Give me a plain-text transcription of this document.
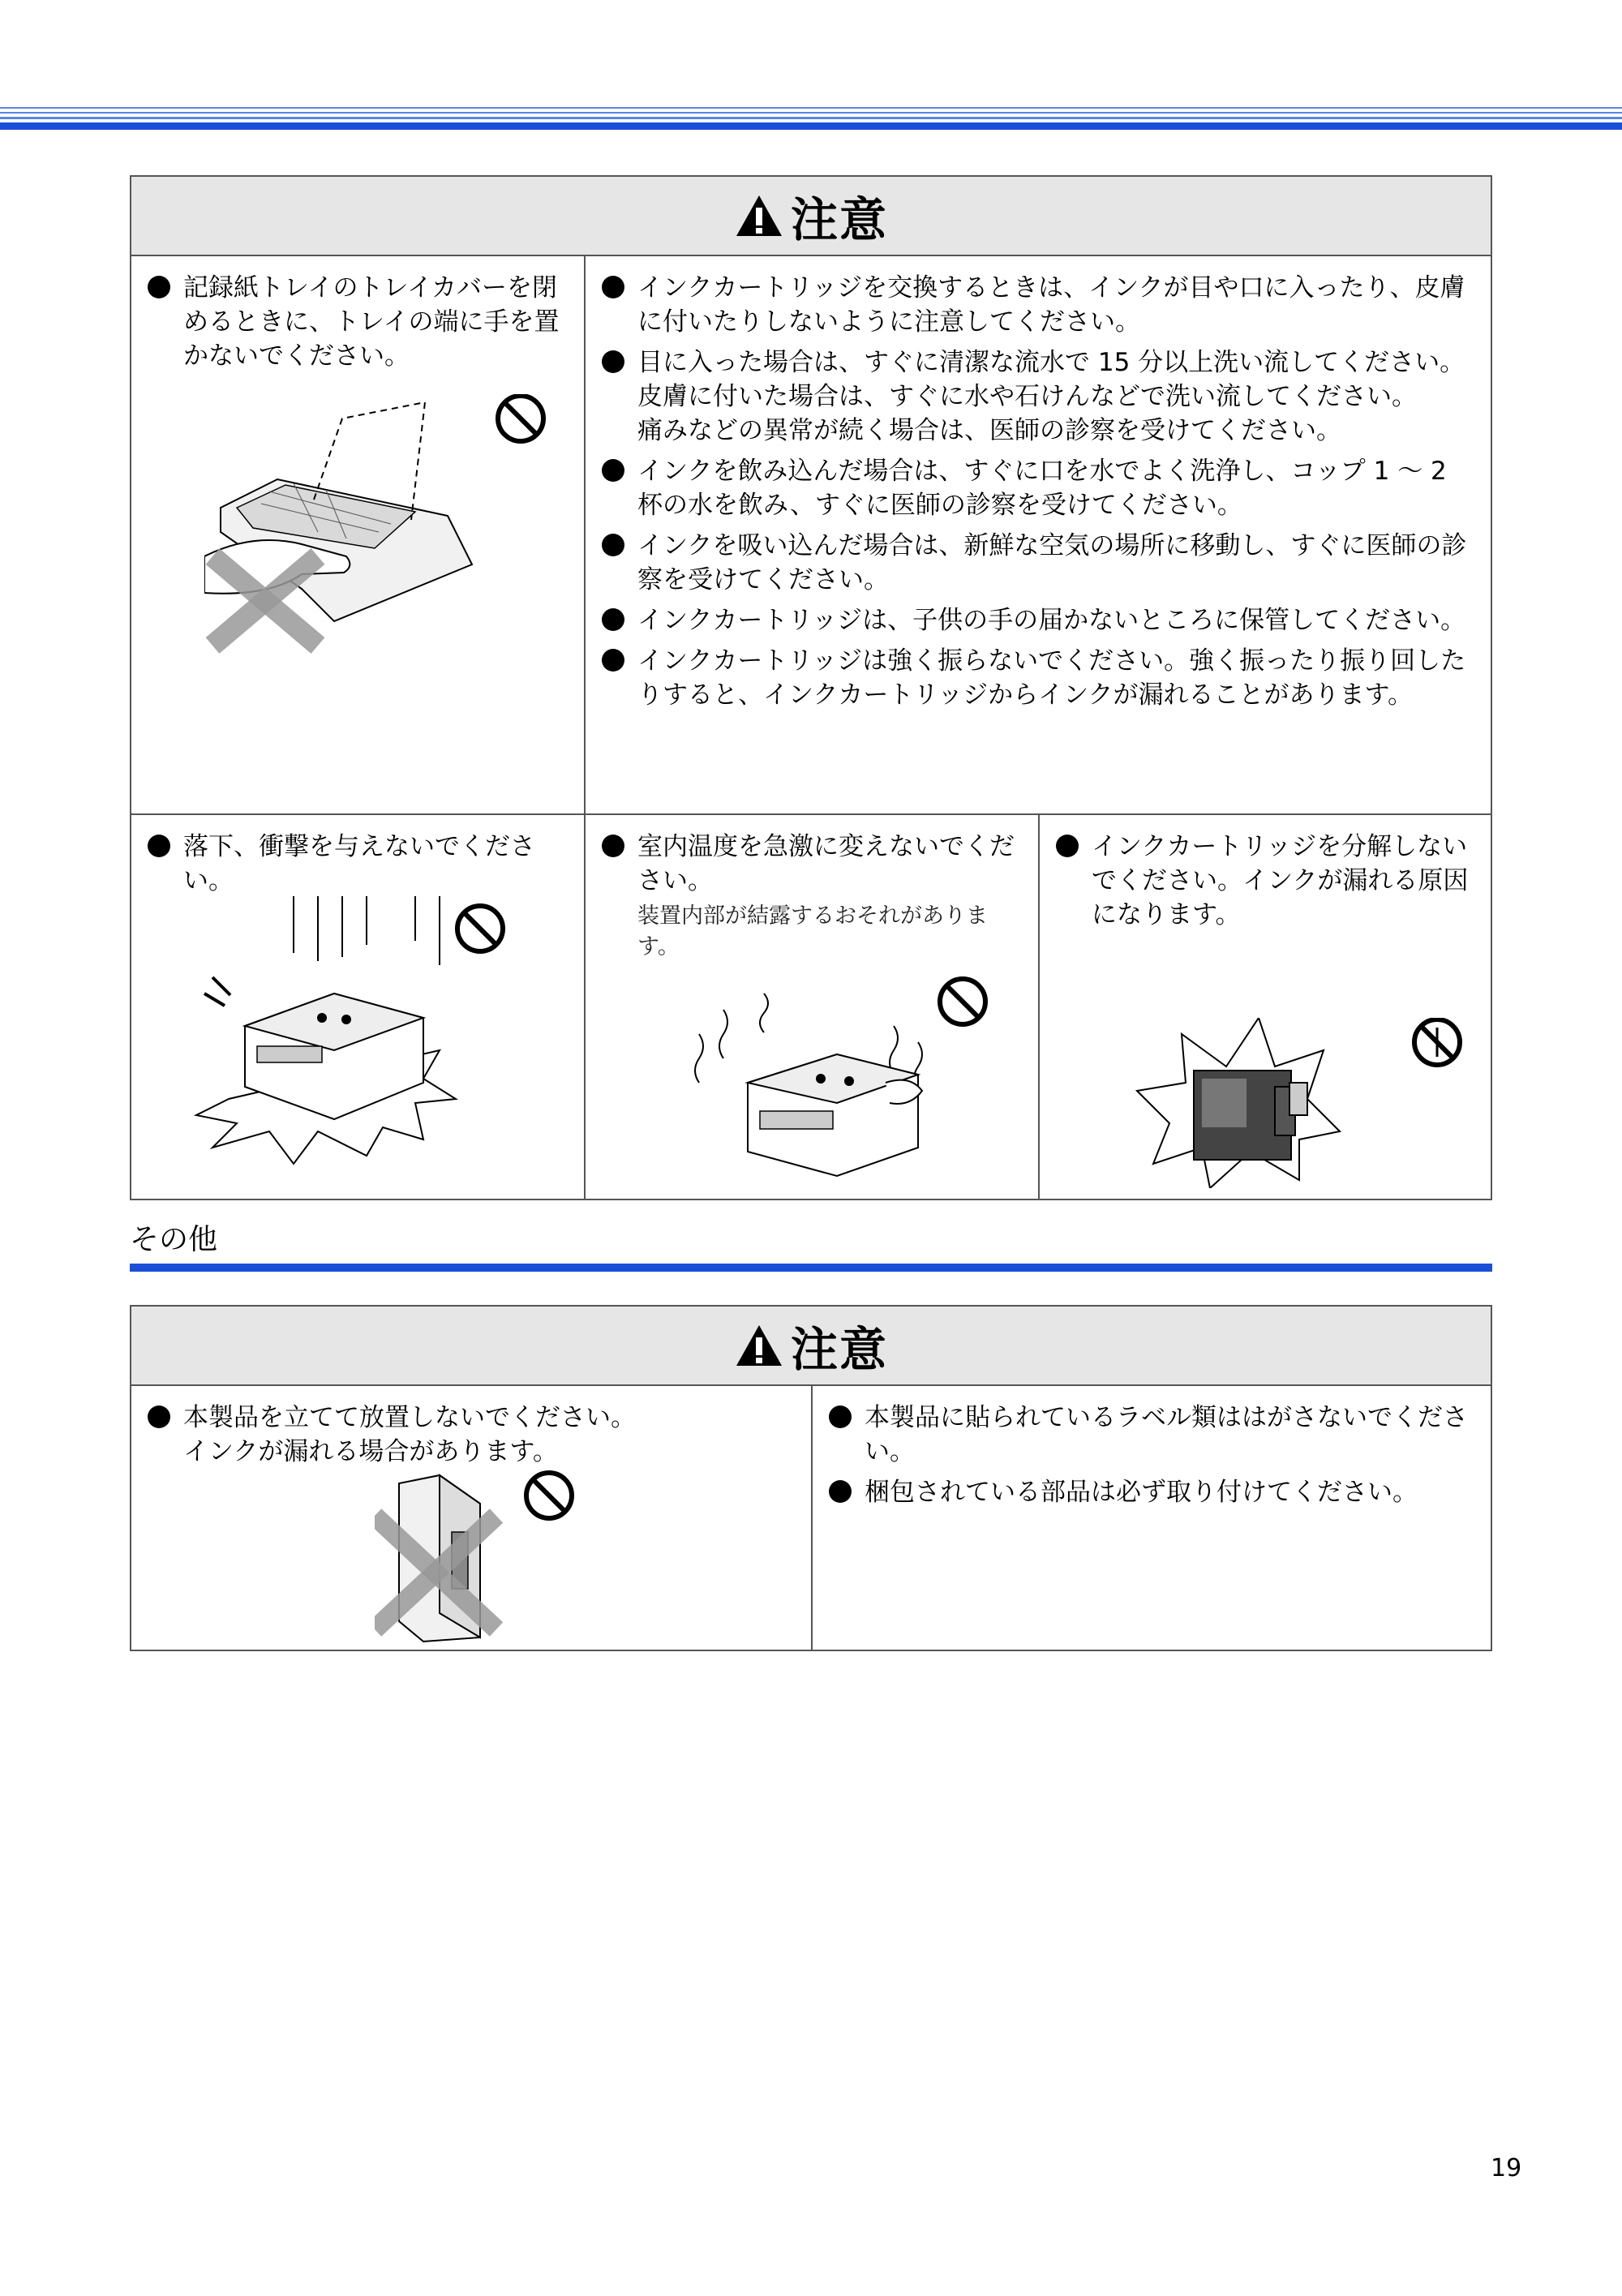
注意
記録紙トレイのトレイカバーを閉めるときに、トレイの端に手を置かないでください。
インクカートリッジを交換するときは、インクが目や口に入ったり、皮膚に付いたりしないように注意してください。
目に入った場合は、すぐに清潔な流水で 15 分以上洗い流してください。
皮膚に付いた場合は、すぐに水や石けんなどで洗い流してください。
痛みなどの異常が続く場合は、医師の診察を受けてください。
インクを飲み込んだ場合は、すぐに口を水でよく洗浄し、コップ 1 ～ 2 杯の水を飲み、すぐに医師の診察を受けてください。
インクを吸い込んだ場合は、新鮮な空気の場所に移動し、すぐに医師の診察を受けてください。
インクカートリッジは、子供の手の届かないところに保管してください。
インクカートリッジは強く振らないでください。強く振ったり振り回したりすると、インクカートリッジからインクが漏れることがあります。
落下、衝撃を与えないでください。
室内温度を急激に変えないでください。
装置内部が結露するおそれがあります。
インクカートリッジを分解しないでください。インクが漏れる原因になります。
その他
注意
本製品を立てて放置しないでください。
インクが漏れる場合があります。
本製品に貼られているラベル類ははがさないでください。
梱包されている部品は必ず取り付けてください。
19
